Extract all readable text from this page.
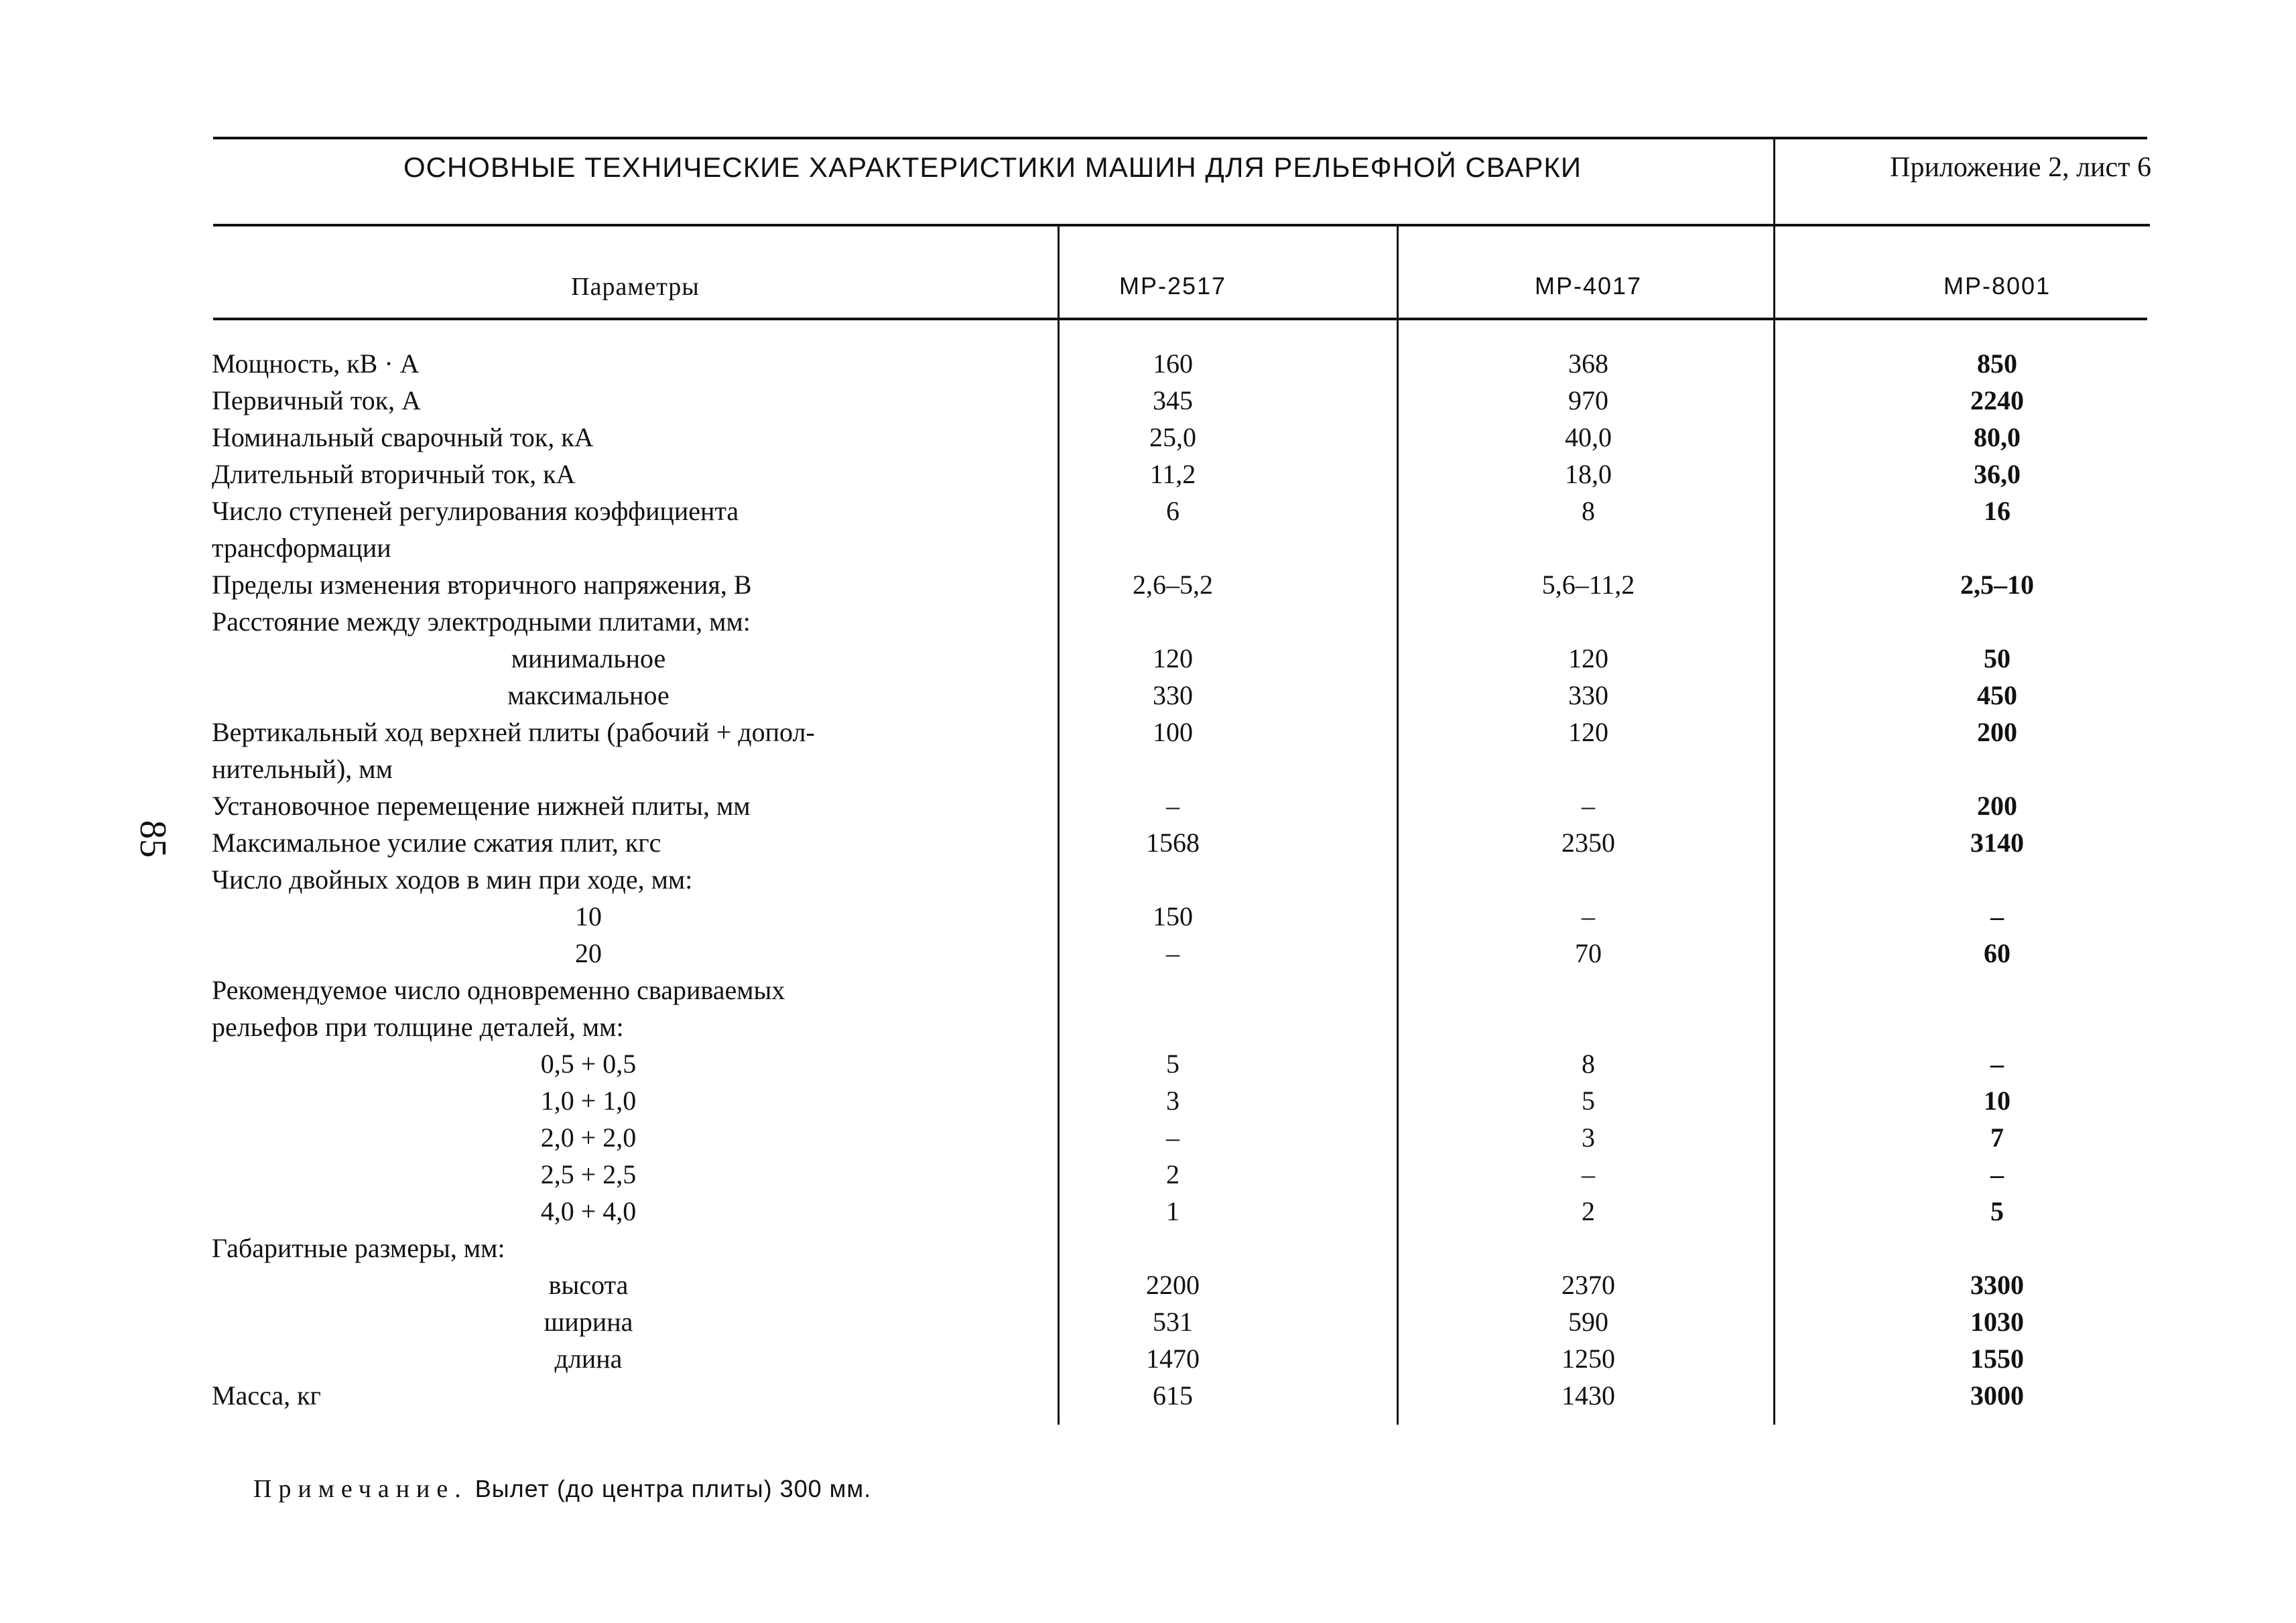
ОСНОВНЫЕ ТЕХНИЧЕСКИЕ ХАРАКТЕРИСТИКИ МАШИН ДЛЯ РЕЛЬЕФНОЙ СВАРКИ	Приложение 2, лист 6
Параметры	МР-2517	МР-4017	МР-8001
85
Мощность, кВ · А	160	368	850
Первичный ток, А	345	970	2240
Номинальный сварочный ток, кА	25,0	40,0	80,0
Длительный вторичный ток, кА	11,2	18,0	36,0
Число ступеней регулирования коэффициента	6	8	16
трансформации
Пределы изменения вторичного напряжения, В	2,6–5,2	5,6–11,2	2,5–10
Расстояние между электродными плитами, мм:
минимальное	120	120	50
максимальное	330	330	450
Вертикальный ход верхней плиты (рабочий + допол-	100	120	200
нительный), мм
Установочное перемещение нижней плиты, мм	–	–	200
Максимальное усилие сжатия плит, кгс	1568	2350	3140
Число двойных ходов в мин при ходе, мм:
10	150	–	–
20	–	70	60
Рекомендуемое число одновременно свариваемых
рельефов при толщине деталей, мм:
0,5 + 0,5	5	8	–
1,0 + 1,0	3	5	10
2,0 + 2,0	–	3	7
2,5 + 2,5	2	–	–
4,0 + 4,0	1	2	5
Габаритные размеры, мм:
высота	2200	2370	3300
ширина	531	590	1030
длина	1470	1250	1550
Масса, кг	615	1430	3000
Примечание. Вылет (до центра плиты) 300 мм.
